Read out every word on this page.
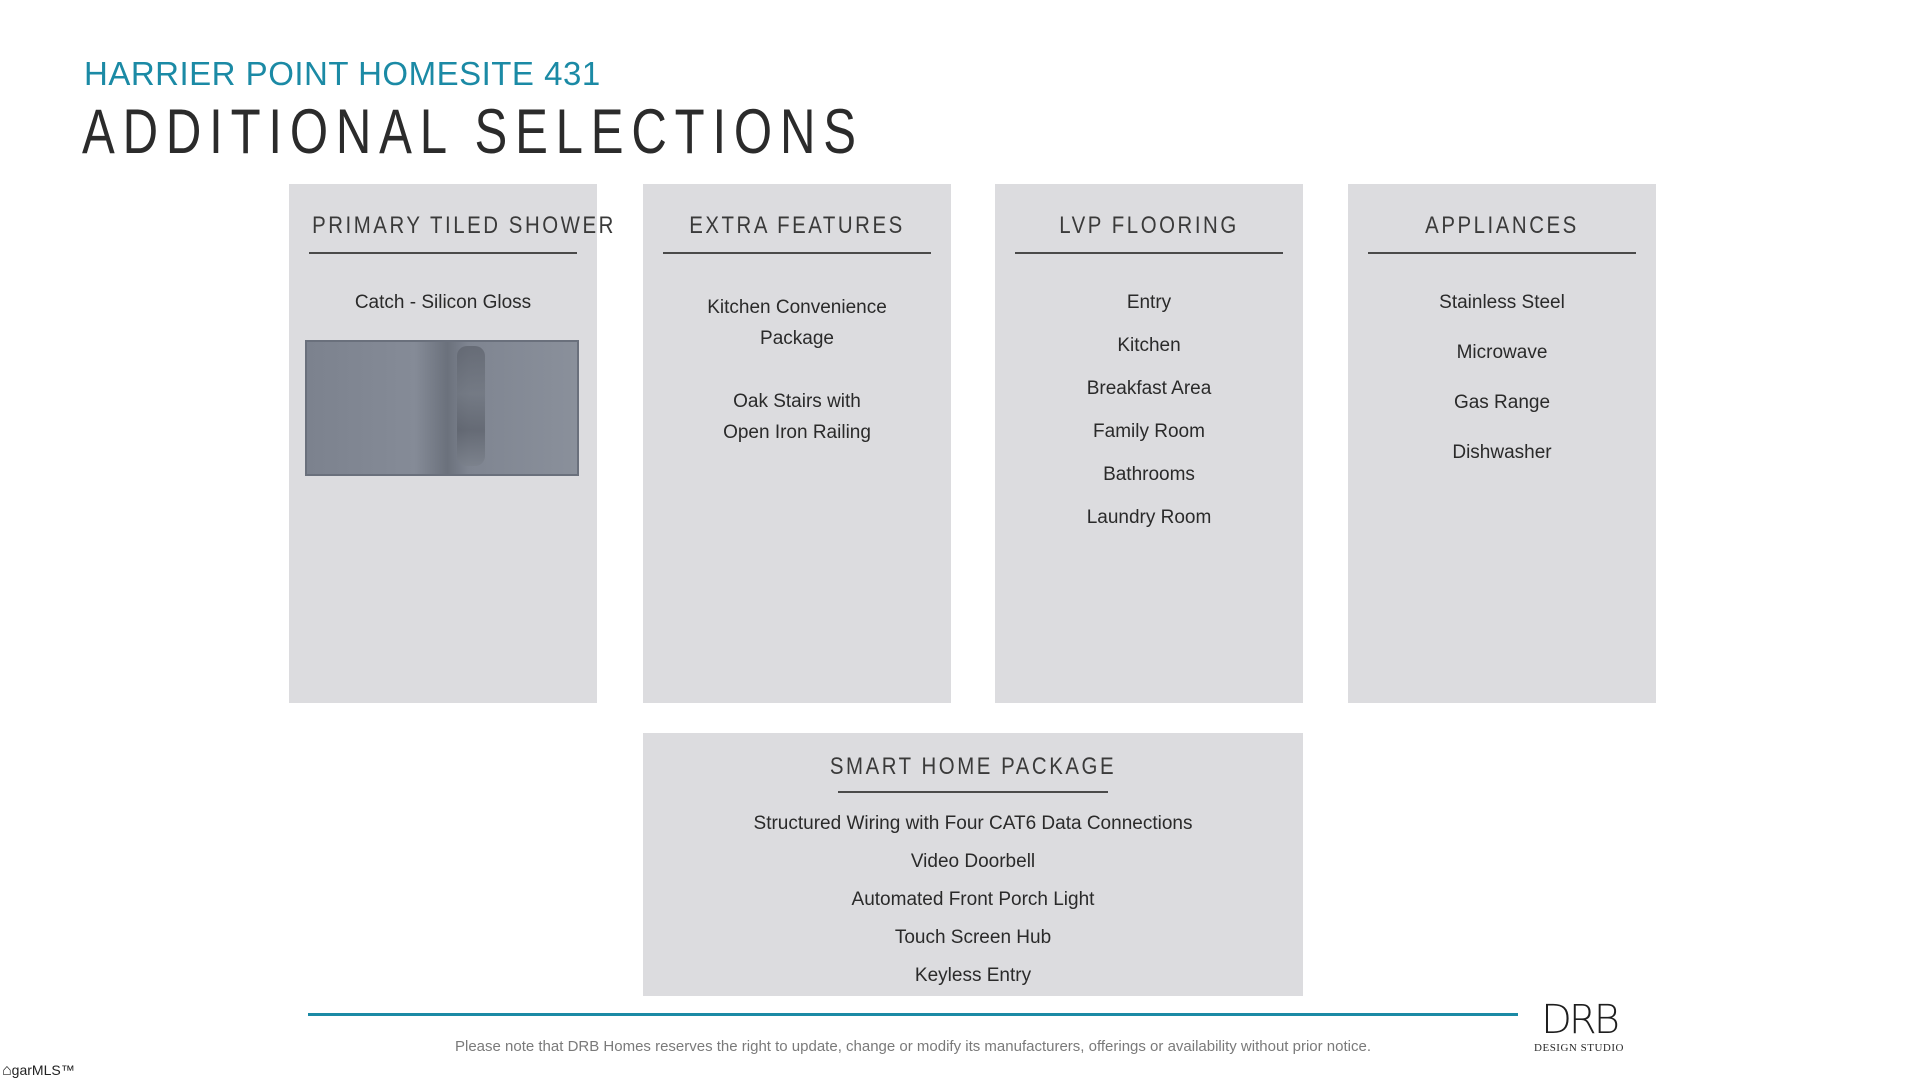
HARRIER POINT HOMESITE 431
ADDITIONAL SELECTIONS
PRIMARY TILED SHOWER
Catch - Silicon Gloss
EXTRA FEATURES
Kitchen Convenience
Package
Oak Stairs with
Open Iron Railing
LVP FLOORING
Entry
Kitchen
Breakfast Area
Family Room
Bathrooms
Laundry Room
APPLIANCES
Stainless Steel
Microwave
Gas Range
Dishwasher
SMART HOME PACKAGE
Structured Wiring with Four CAT6 Data Connections
Video Doorbell
Automated Front Porch Light
Touch Screen Hub
Keyless Entry
Please note that DRB Homes reserves the right to update, change or modify its manufacturers, offerings or availability without prior notice.
DRB
DESIGN STUDIO
⌂garMLS™
